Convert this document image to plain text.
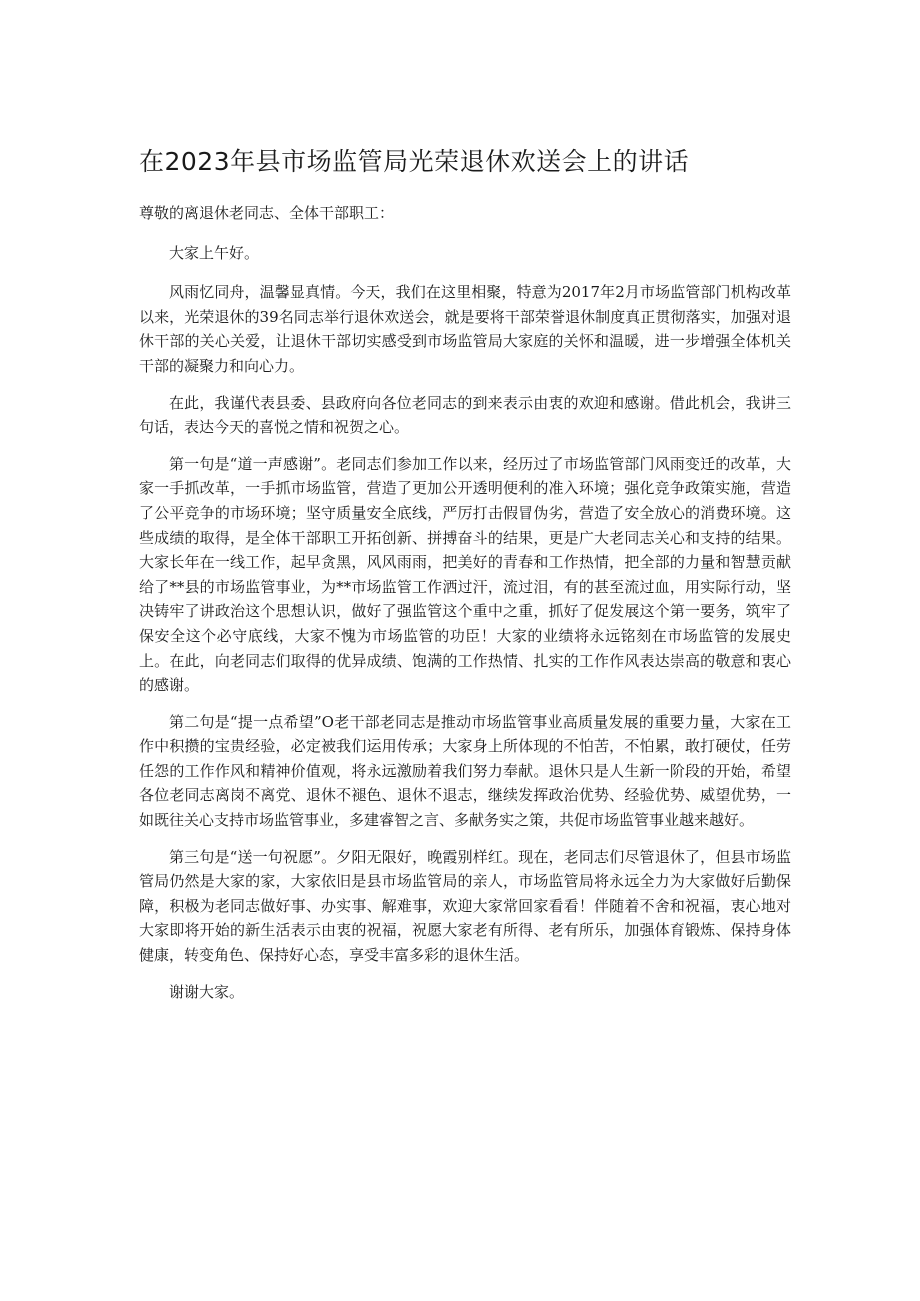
在2023年县市场监管局光荣退休欢送会上的讲话

尊敬的离退休老同志、全体干部职工：

大家上午好。

风雨忆同舟，温馨显真情。今天，我们在这里相聚，特意为2017年2月市场监管部门机构改革以来，光荣退休的39名同志举行退休欢送会，就是要将干部荣誉退休制度真正贯彻落实，加强对退休干部的关心关爱，让退休干部切实感受到市场监管局大家庭的关怀和温暖，进一步增强全体机关干部的凝聚力和向心力。

在此，我谨代表县委、县政府向各位老同志的到来表示由衷的欢迎和感谢。借此机会，我讲三句话，表达今天的喜悦之情和祝贺之心。

第一句是“道一声感谢”。老同志们参加工作以来，经历过了市场监管部门风雨变迁的改革，大家一手抓改革，一手抓市场监管，营造了更加公开透明便利的准入环境；强化竞争政策实施，营造了公平竞争的市场环境；坚守质量安全底线，严厉打击假冒伪劣，营造了安全放心的消费环境。这些成绩的取得，是全体干部职工开拓创新、拼搏奋斗的结果，更是广大老同志关心和支持的结果。大家长年在一线工作，起早贪黑，风风雨雨，把美好的青春和工作热情，把全部的力量和智慧贡献给了**县的市场监管事业，为**市场监管工作洒过汗，流过泪，有的甚至流过血，用实际行动，坚决铸牢了讲政治这个思想认识，做好了强监管这个重中之重，抓好了促发展这个第一要务，筑牢了保安全这个必守底线，大家不愧为市场监管的功臣！大家的业绩将永远铭刻在市场监管的发展史上。在此，向老同志们取得的优异成绩、饱满的工作热情、扎实的工作作风表达崇高的敬意和衷心的感谢。

第二句是“提一点希望”O老干部老同志是推动市场监管事业高质量发展的重要力量，大家在工作中积攒的宝贵经验，必定被我们运用传承；大家身上所体现的不怕苦，不怕累，敢打硬仗，任劳任怨的工作作风和精神价值观，将永远激励着我们努力奉献。退休只是人生新一阶段的开始，希望各位老同志离岗不离党、退休不褪色、退休不退志，继续发挥政治优势、经验优势、威望优势，一如既往关心支持市场监管事业，多建睿智之言、多献务实之策，共促市场监管事业越来越好。

第三句是“送一句祝愿”。夕阳无限好，晚霞别样红。现在，老同志们尽管退休了，但县市场监管局仍然是大家的家，大家依旧是县市场监管局的亲人，市场监管局将永远全力为大家做好后勤保障，积极为老同志做好事、办实事、解难事，欢迎大家常回家看看！伴随着不舍和祝福，衷心地对大家即将开始的新生活表示由衷的祝福，祝愿大家老有所得、老有所乐，加强体育锻炼、保持身体健康，转变角色、保持好心态，享受丰富多彩的退休生活。

谢谢大家。
